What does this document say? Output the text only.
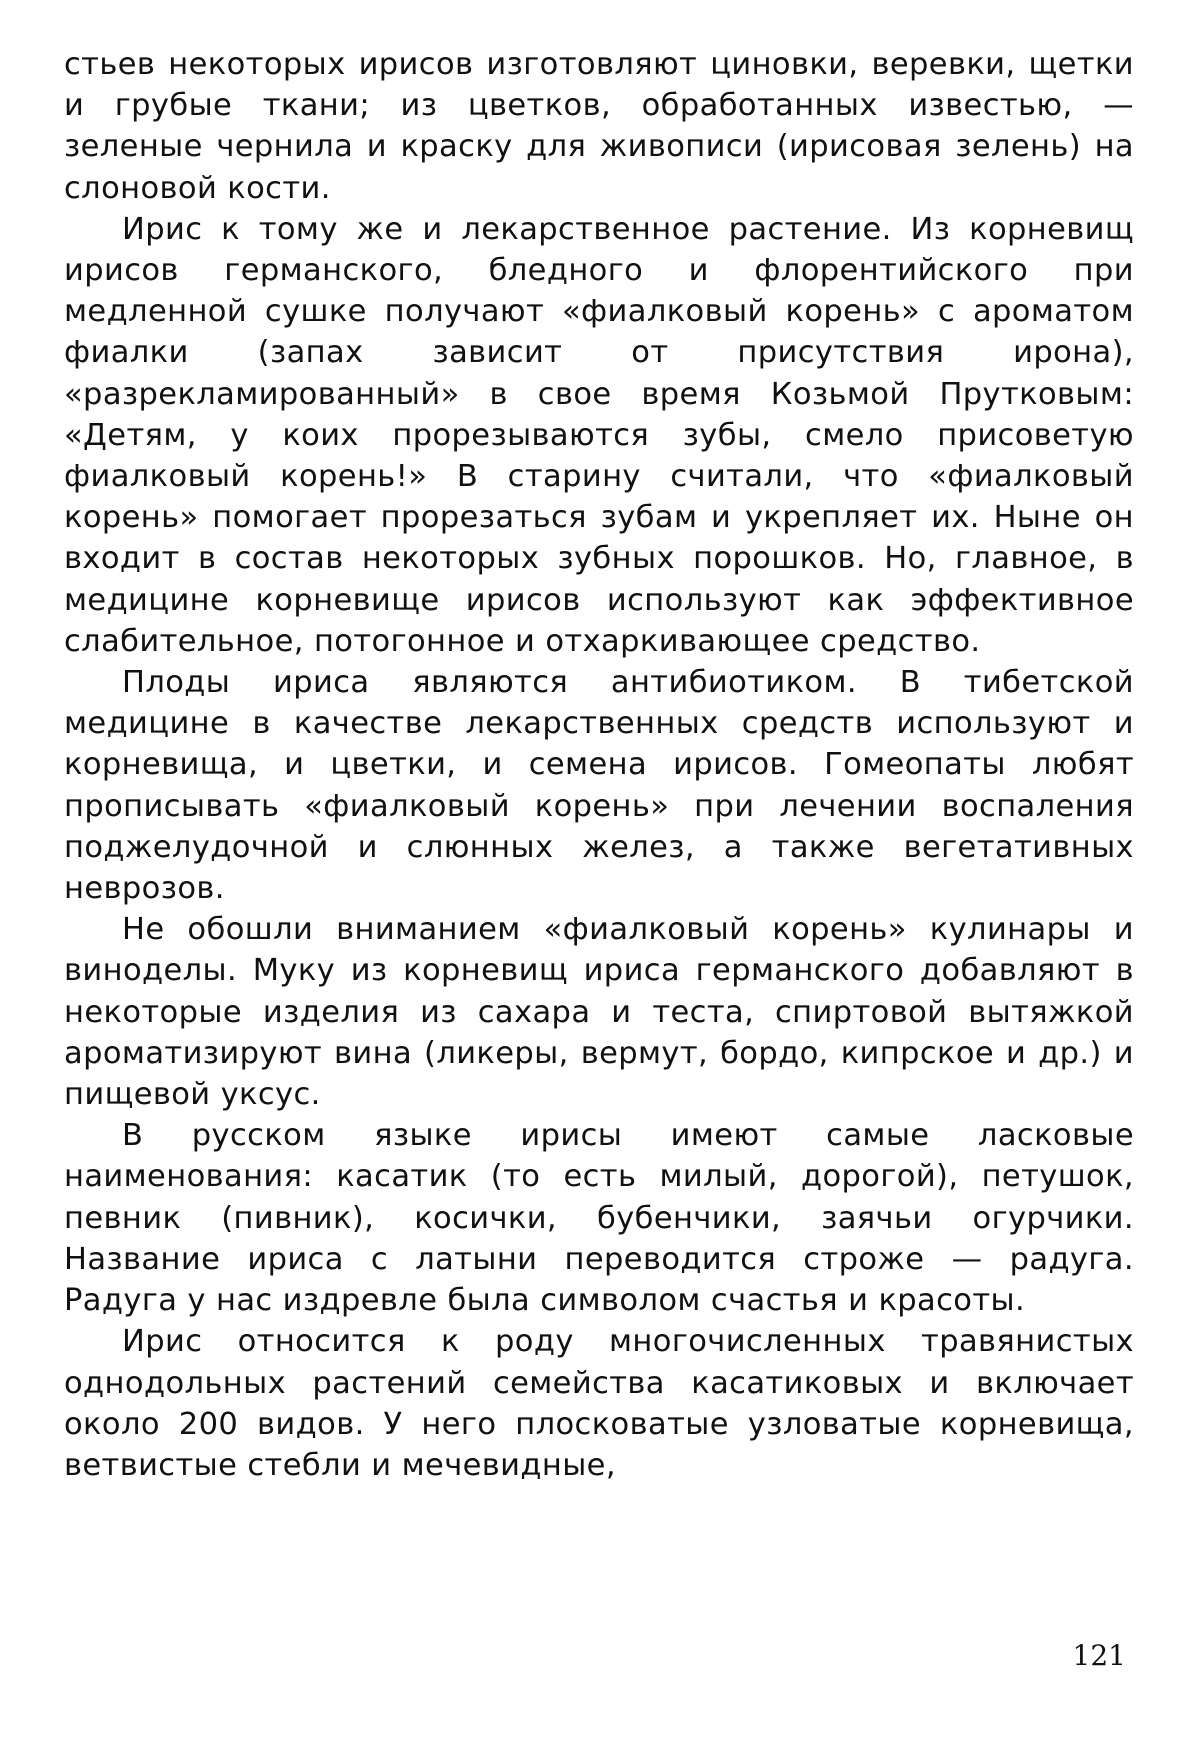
стьев некоторых ирисов изготовляют циновки, веревки, щетки и грубые ткани; из цветков, обработанных известью, — зеленые чернила и краску для живописи (ирисовая зелень) на слоновой кости.

Ирис к тому же и лекарственное растение. Из корневищ ирисов германского, бледного и флорентийского при медленной сушке получают «фиалковый корень» с ароматом фиалки (запах зависит от присутствия ирона), «разрекламированный» в свое время Козьмой Прутковым: «Детям, у коих прорезываются зубы, смело присоветую фиалковый корень!» В старину считали, что «фиалковый корень» помогает прорезаться зубам и укрепляет их. Ныне он входит в состав некоторых зубных порошков. Но, главное, в медицине корневище ирисов используют как эффективное слабительное, потогонное и отхаркивающее средство.

Плоды ириса являются антибиотиком. В тибетской медицине в качестве лекарственных средств используют и корневища, и цветки, и семена ирисов. Гомеопаты любят прописывать «фиалковый корень» при лечении воспаления поджелудочной и слюнных желез, а также вегетативных неврозов.

Не обошли вниманием «фиалковый корень» кулинары и виноделы. Муку из корневищ ириса германского добавляют в некоторые изделия из сахара и теста, спиртовой вытяжкой ароматизируют вина (ликеры, вермут, бордо, кипрское и др.) и пищевой уксус.

В русском языке ирисы имеют самые ласковые наименования: касатик (то есть милый, дорогой), петушок, певник (пивник), косички, бубенчики, заячьи огурчики. Название ириса с латыни переводится строже — радуга. Радуга у нас издревле была символом счастья и красоты.

Ирис относится к роду многочисленных травянистых однодольных растений семейства касатиковых и включает около 200 видов. У него плосковатые узловатые корневища, ветвистые стебли и мечевидные,

121
